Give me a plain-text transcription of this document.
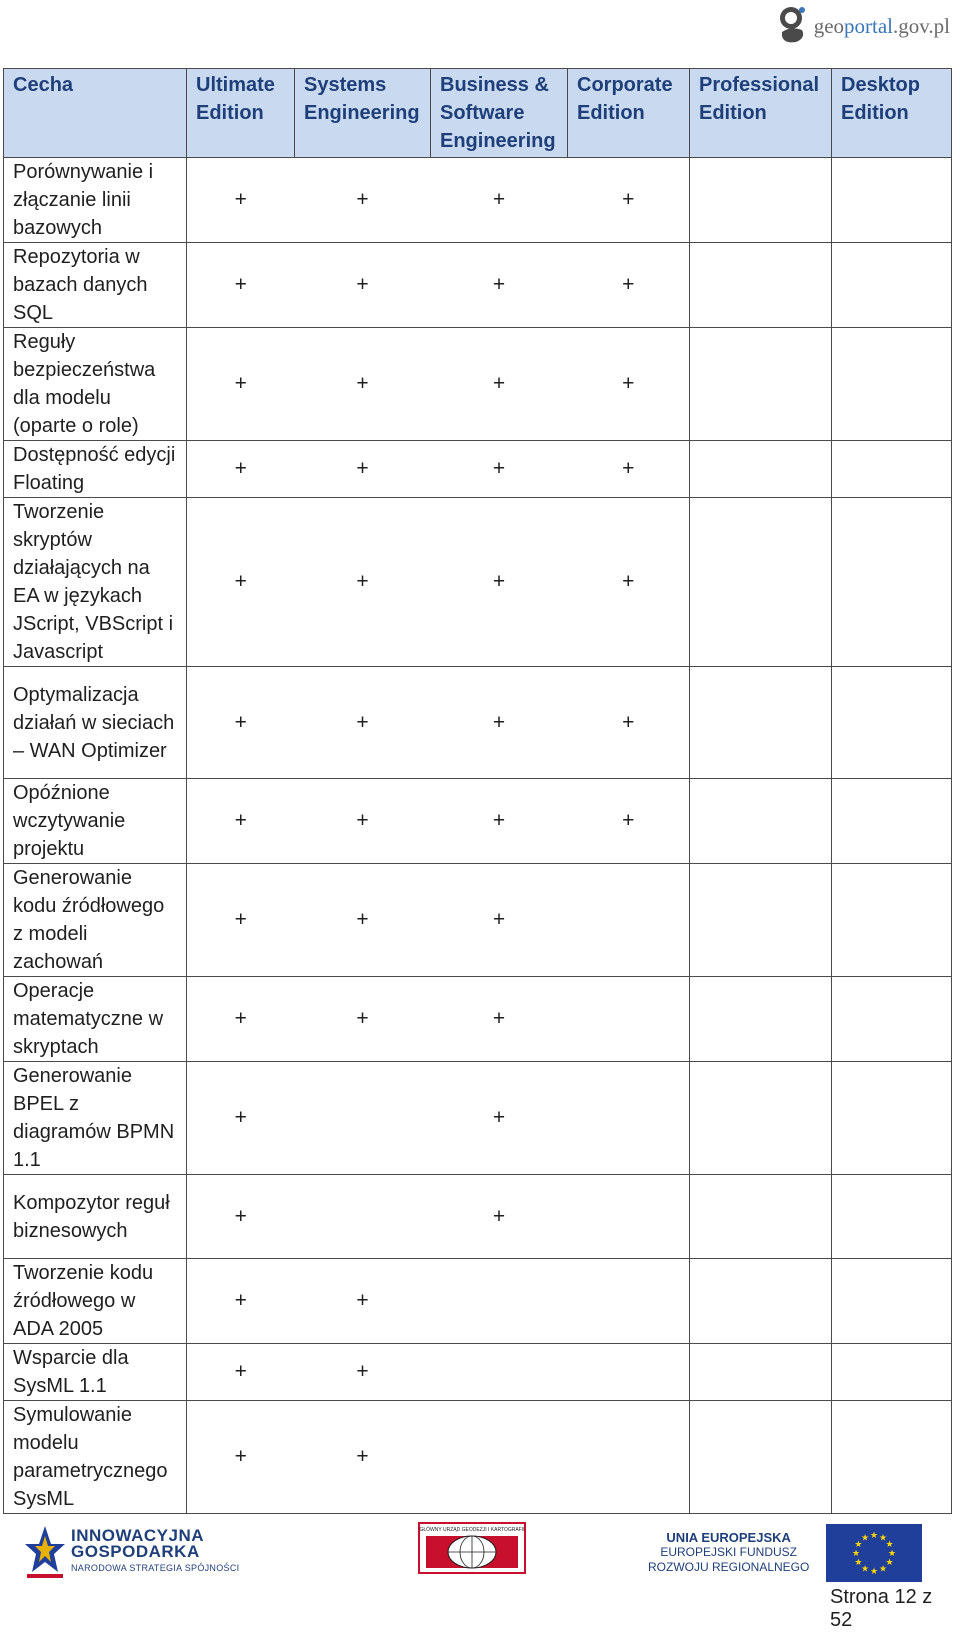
geoportal.gov.pl
Cecha	Ultimate Edition	Systems Engineering	Business & Software Engineering	Corporate Edition	Professional Edition	Desktop Edition
Porównywanie i złączanie linii bazowych	+	+	+	+		
Repozytoria w bazach danych SQL	+	+	+	+		
Reguły bezpieczeństwa dla modelu (oparte o role)	+	+	+	+		
Dostępność edycji Floating	+	+	+	+		
Tworzenie skryptów działających na EA w językach JScript, VBScript i Javascript	+	+	+	+		
Optymalizacja działań w sieciach – WAN Optimizer	+	+	+	+		
Opóźnione wczytywanie projektu	+	+	+	+		
Generowanie kodu źródłowego z modeli zachowań	+	+	+			
Operacje matematyczne w skryptach	+	+	+			
Generowanie BPEL z diagramów BPMN 1.1	+		+			
Kompozytor reguł biznesowych	+		+			
Tworzenie kodu źródłowego w ADA 2005	+	+				
Wsparcie dla SysML 1.1	+	+				
Symulowanie modelu parametrycznego SysML	+	+				
INNOWACYJNA
GOSPODARKA
NARODOWA STRATEGIA SPÓJNOŚCI
GŁÓWNY URZĄD GEODEZJI I KARTOGRAFII	UNIA EUROPEJSKA
EUROPEJSKI FUNDUSZ
ROZWOJU REGIONALNEGO
★ ★
★
★
★
★
★
★
★
★
★
★
Strona 12 z 52
